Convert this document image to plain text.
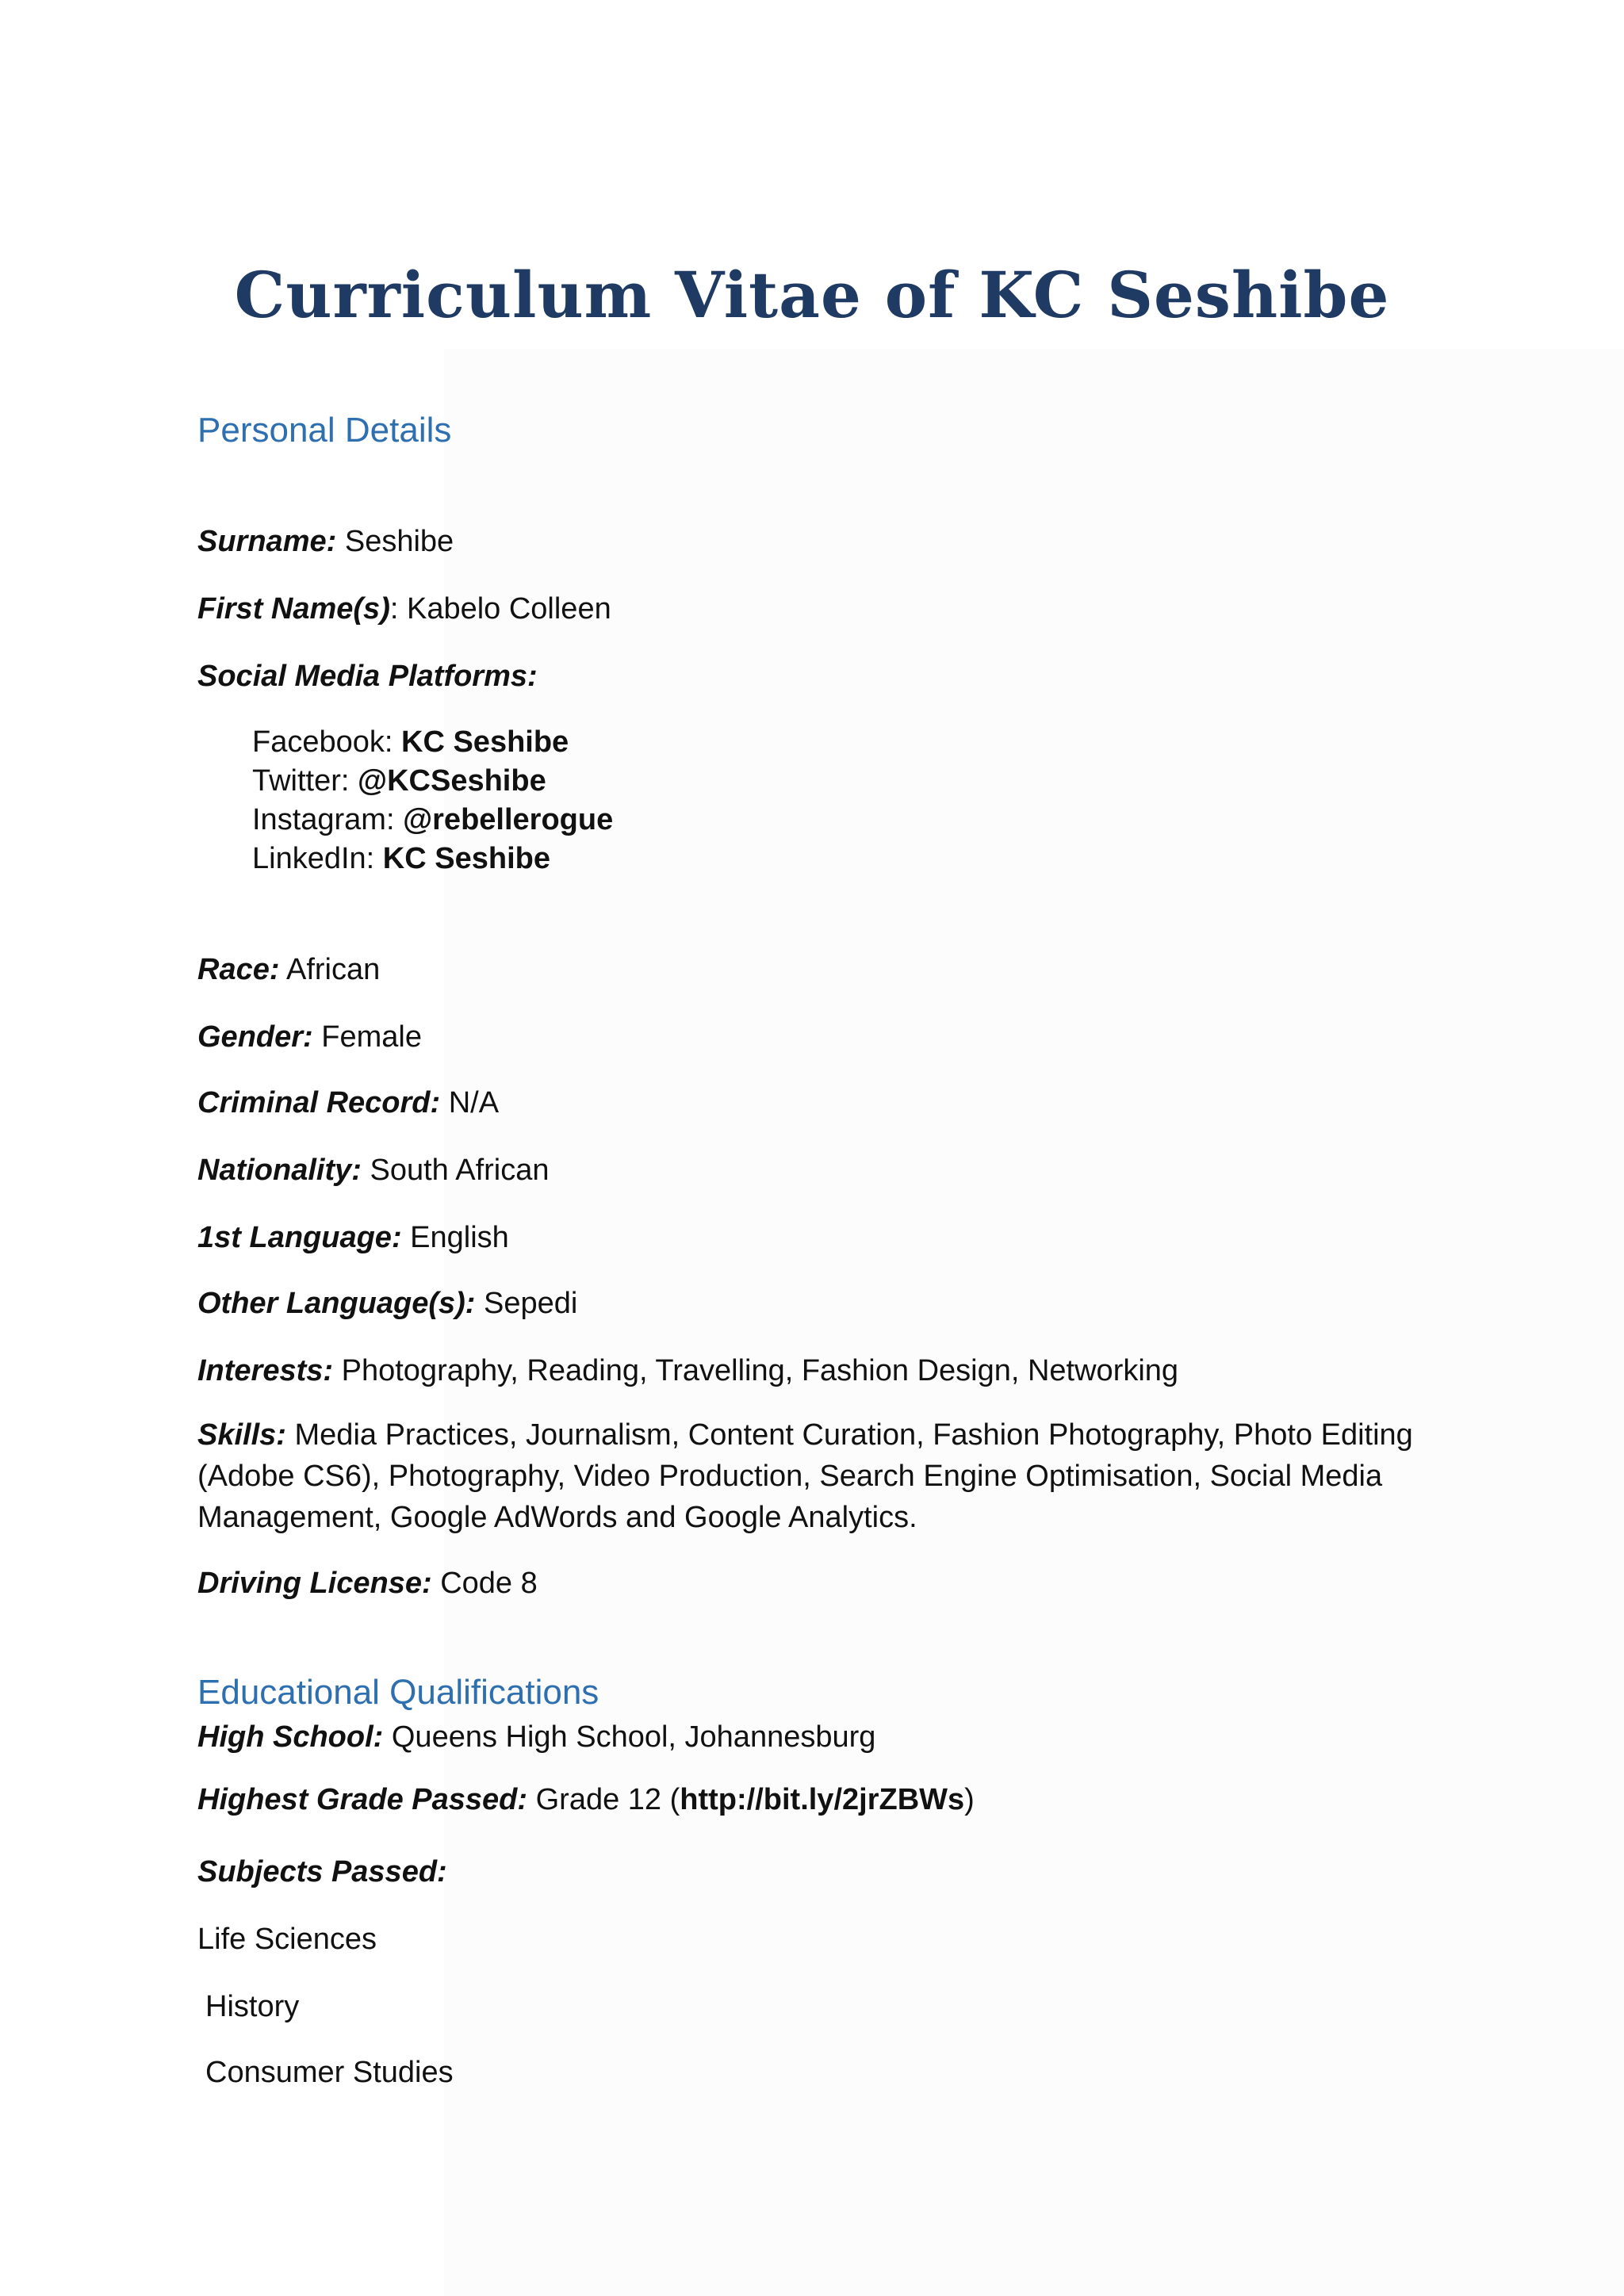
Curriculum Vitae of KC Seshibe
Personal Details
Surname: Seshibe
First Name(s): Kabelo Colleen
Social Media Platforms:
Facebook: KC Seshibe
Twitter: @KCSeshibe
Instagram: @rebellerogue
LinkedIn: KC Seshibe
Race: African
Gender: Female
Criminal Record: N/A
Nationality: South African
1st Language: English
Other Language(s): Sepedi
Interests: Photography, Reading, Travelling, Fashion Design, Networking
Skills: Media Practices, Journalism, Content Curation, Fashion Photography, Photo Editing (Adobe CS6), Photography, Video Production, Search Engine Optimisation, Social Media Management, Google AdWords and Google Analytics.
Driving License: Code 8
Educational Qualifications
High School: Queens High School, Johannesburg
Highest Grade Passed: Grade 12 (http://bit.ly/2jrZBWs)
Subjects Passed:
Life Sciences
History
Consumer Studies
